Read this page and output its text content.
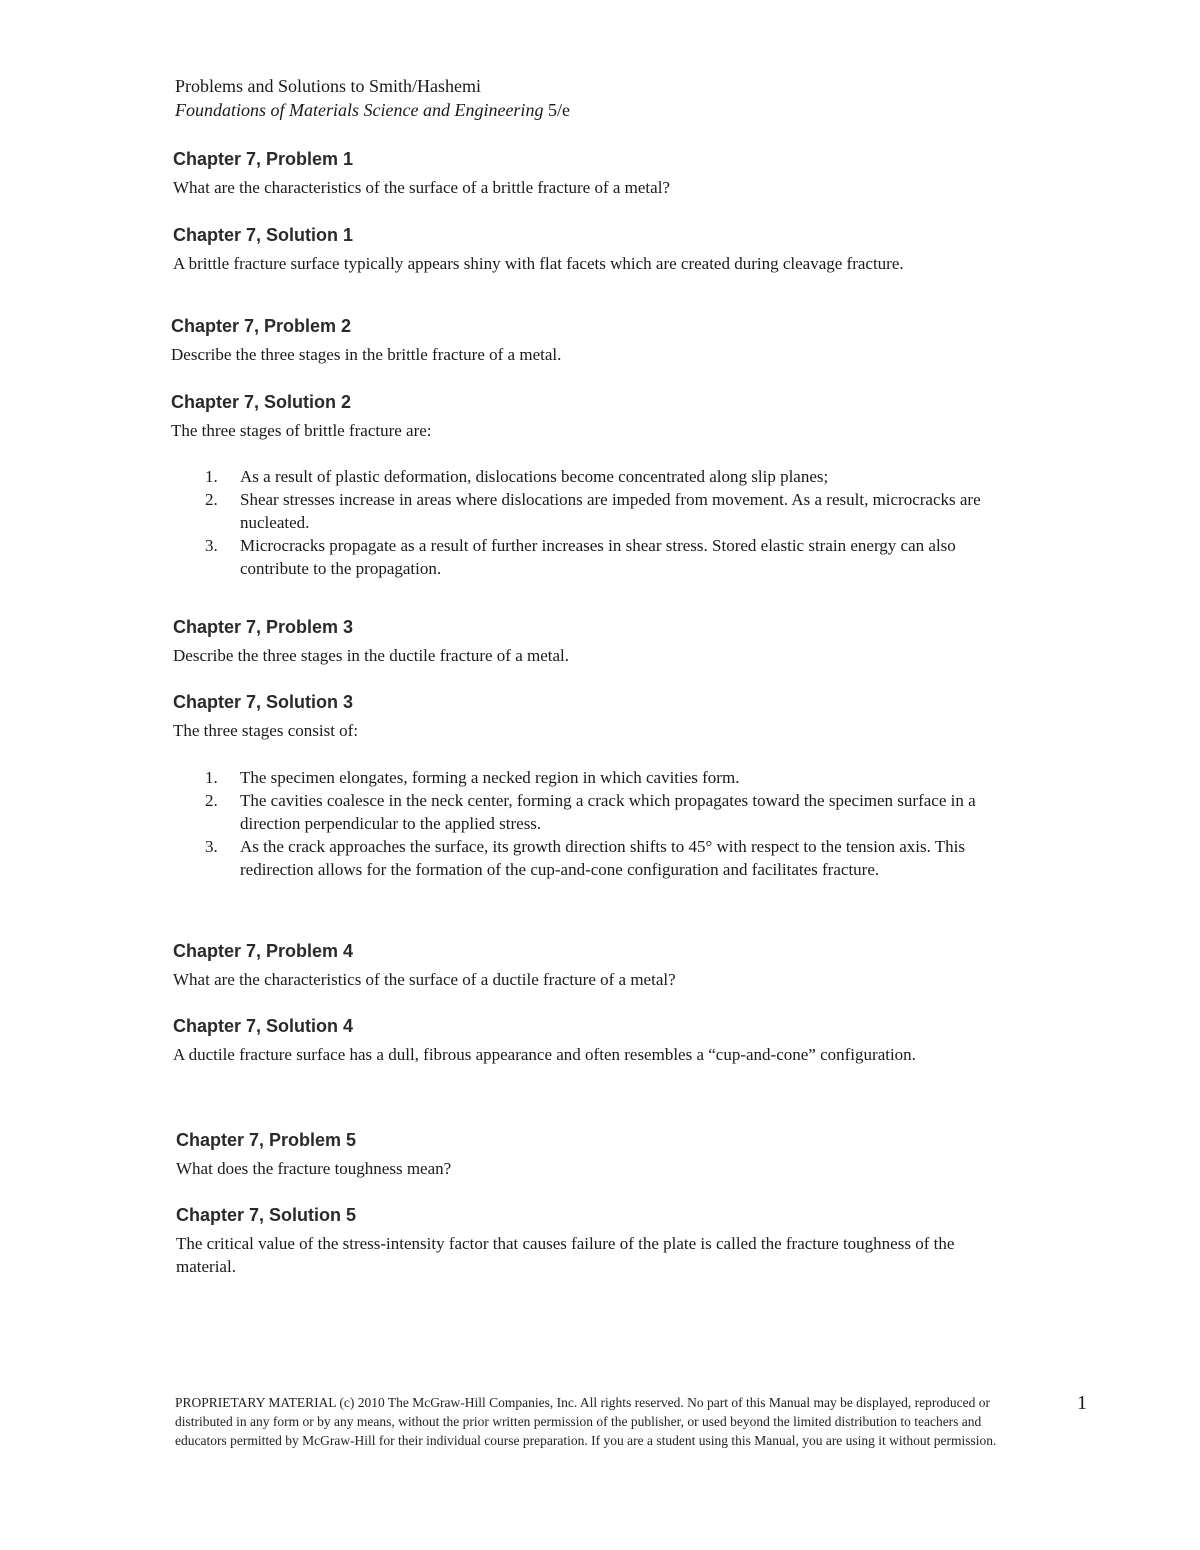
Problems and Solutions to Smith/Hashemi
Foundations of Materials Science and Engineering 5/e
Chapter 7, Problem 1

What are the characteristics of the surface of a brittle fracture of a metal?

Chapter 7, Solution 1

A brittle fracture surface typically appears shiny with flat facets which are created during cleavage fracture.

Chapter 7, Problem 2

Describe the three stages in the brittle fracture of a metal.

Chapter 7, Solution 2

The three stages of brittle fracture are:

1. As a result of plastic deformation, dislocations become concentrated along slip planes;
2. Shear stresses increase in areas where dislocations are impeded from movement. As a result, microcracks are nucleated.
3. Microcracks propagate as a result of further increases in shear stress. Stored elastic strain energy can also contribute to the propagation.
Chapter 7, Problem 3

Describe the three stages in the ductile fracture of a metal.

Chapter 7, Solution 3

The three stages consist of:

1. The specimen elongates, forming a necked region in which cavities form.
2. The cavities coalesce in the neck center, forming a crack which propagates toward the specimen surface in a direction perpendicular to the applied stress.
3. As the crack approaches the surface, its growth direction shifts to 45° with respect to the tension axis. This redirection allows for the formation of the cup-and-cone configuration and facilitates fracture.
Chapter 7, Problem 4

What are the characteristics of the surface of a ductile fracture of a metal?

Chapter 7, Solution 4

A ductile fracture surface has a dull, fibrous appearance and often resembles a “cup-and-cone” configuration.

Chapter 7, Problem 5

What does the fracture toughness mean?

Chapter 7, Solution 5

The critical value of the stress-intensity factor that causes failure of the plate is called the fracture toughness of the material.

PROPRIETARY MATERIAL (c) 2010 The McGraw-Hill Companies, Inc. All rights reserved. No part of this Manual may be displayed, reproduced or distributed in any form or by any means, without the prior written permission of the publisher, or used beyond the limited distribution to teachers and educators permitted by McGraw-Hill for their individual course preparation. If you are a student using this Manual, you are using it without permission.
1
